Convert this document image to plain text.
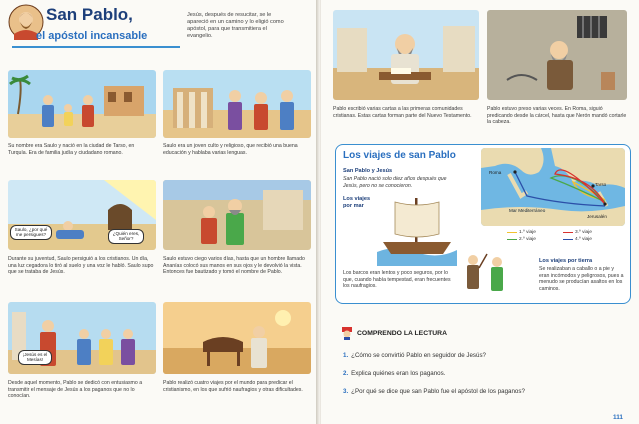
San Pablo,
el apóstol incansable
Jesús, después de resucitar, se le apareció en un camino y lo eligió como apóstol, para que transmitiera el evangelio.
Su nombre era Saulo y nació en la ciudad de Tarso, en Turquía. Era de familia judía y ciudadano romano.
Saulo era un joven culto y religioso, que recibió una buena educación y hablaba varias lenguas.
Saulo, ¿por qué me persigues?	¿Quién eres, Señor?
Durante su juventud, Saulo persiguió a los cristianos. Un día, una luz cegadora lo tiró al suelo y una voz le habló. Saulo supo que se trataba de Jesús.
Saulo estuvo ciego varios días, hasta que un hombre llamado Ananías colocó sus manos en sus ojos y le devolvió la vista. Entonces fue bautizado y tomó el nombre de Pablo.
¡Jesús es el Mesías!
Desde aquel momento, Pablo se dedicó con entusiasmo a transmitir el mensaje de Jesús a los paganos que no lo conocían.
Pablo realizó cuatro viajes por el mundo para predicar el cristianismo, en los que sufrió naufragios y otras dificultades.
Pablo escribió varias cartas a las primeras comunidades cristianas. Estas cartas forman parte del Nuevo Testamento.
Pablo estuvo preso varias veces. En Roma, siguió predicando desde la cárcel, hasta que Nerón mandó cortarle la cabeza.
Los viajes de san Pablo
San Pablo y Jesús
San Pablo nació solo diez años después que Jesús, pero no se conocieron.
Los viajes por mar
Los barcos eran lentos y poco seguros, por lo que, cuando había tempestad, eran frecuentes los naufragios.
Roma
Tarso
Mar Mediterráneo
Jerusalén
1.º viaje
2.º viaje
3.º viaje
4.º viaje
Los viajes por tierra
Se realizaban a caballo o a pie y eran incómodos y peligrosos, pues a menudo se producían asaltos en los caminos.
COMPRENDO LA LECTURA
1. ¿Cómo se convirtió Pablo en seguidor de Jesús?
2. Explica quiénes eran los paganos.
3. ¿Por qué se dice que san Pablo fue el apóstol de los paganos?
111
